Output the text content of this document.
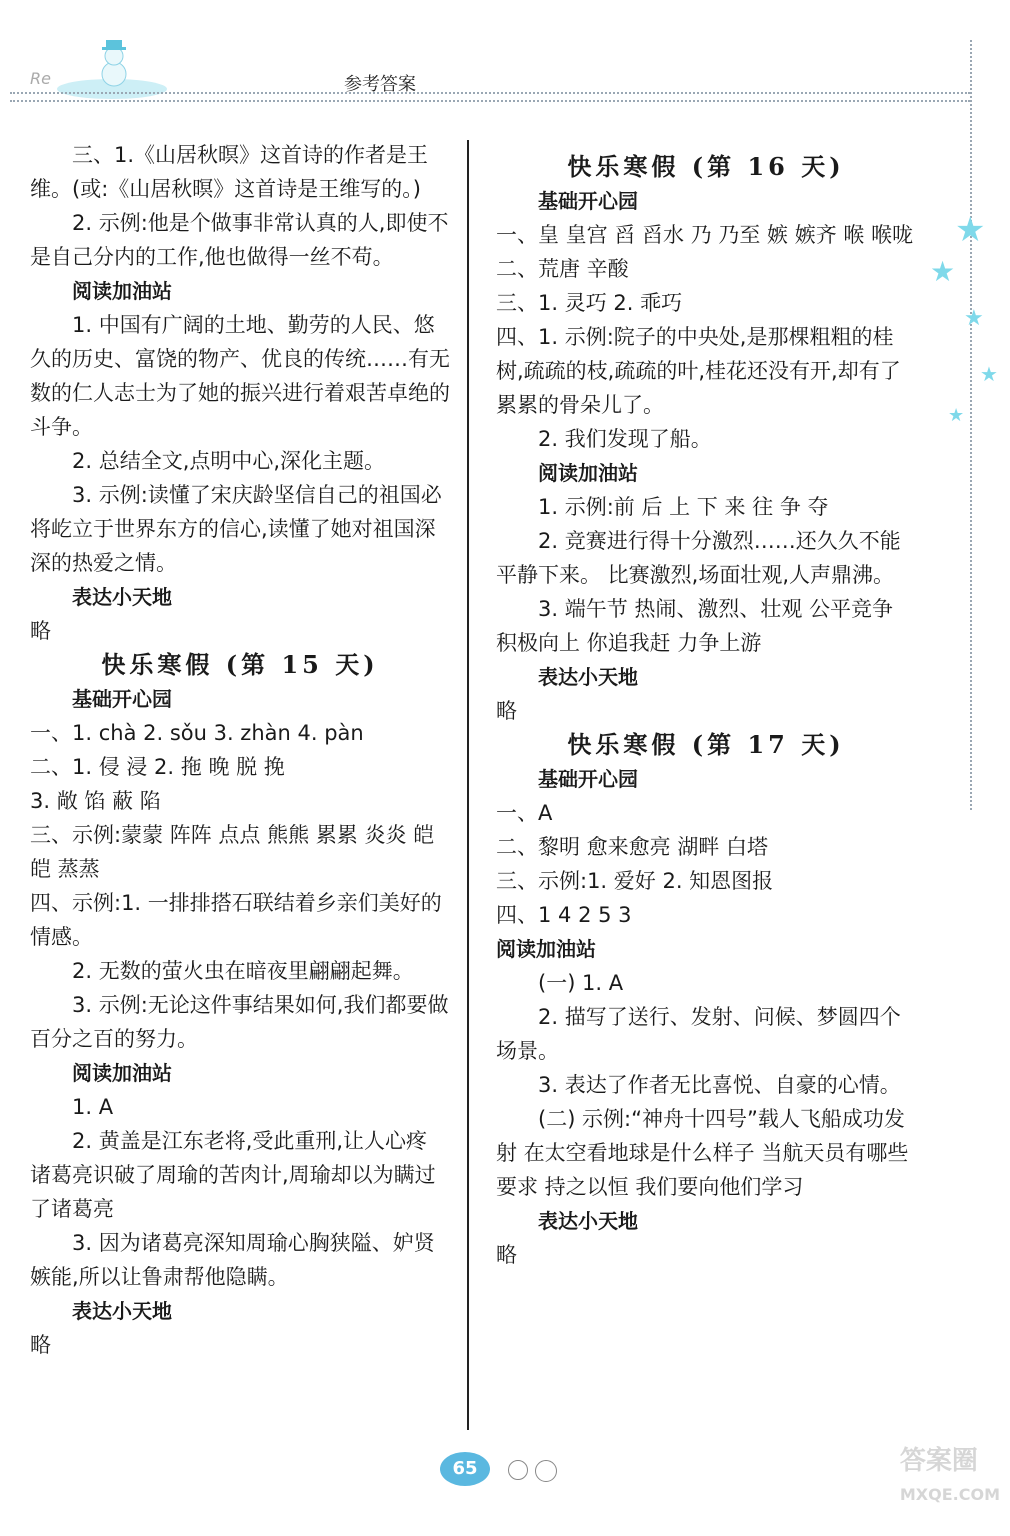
Re	参考答案
★
★
★
★
★

三、1.《山居秋暝》这首诗的作者是王维。(或:《山居秋暝》这首诗是王维写的。)

2. 示例:他是个做事非常认真的人,即使不是自己分内的工作,他也做得一丝不苟。

阅读加油站

1. 中国有广阔的土地、勤劳的人民、悠久的历史、富饶的物产、优良的传统……有无数的仁人志士为了她的振兴进行着艰苦卓绝的斗争。

2. 总结全文,点明中心,深化主题。

3. 示例:读懂了宋庆龄坚信自己的祖国必将屹立于世界东方的信心,读懂了她对祖国深深的热爱之情。

表达小天地

略

快乐寒假 (第 15 天)

基础开心园

一、1. chà 2. sǒu 3. zhàn 4. pàn

二、1. 侵 浸 2. 拖 晚 脱 挽

3. 敞 馅 蔽 陷

三、示例:蒙蒙 阵阵 点点 熊熊 累累 炎炎 皑皑 蒸蒸

四、示例:1. 一排排搭石联结着乡亲们美好的情感。

2. 无数的萤火虫在暗夜里翩翩起舞。

3. 示例:无论这件事结果如何,我们都要做百分之百的努力。

阅读加油站

1. A

2. 黄盖是江东老将,受此重刑,让人心疼 诸葛亮识破了周瑜的苦肉计,周瑜却以为瞒过了诸葛亮

3. 因为诸葛亮深知周瑜心胸狭隘、妒贤嫉能,所以让鲁肃帮他隐瞒。

表达小天地

略

快乐寒假 (第 16 天)

基础开心园

一、皇 皇宫 舀 舀水 乃 乃至 嫉 嫉齐 喉 喉咙

二、荒唐 辛酸

三、1. 灵巧 2. 乖巧

四、1. 示例:院子的中央处,是那棵粗粗的桂树,疏疏的枝,疏疏的叶,桂花还没有开,却有了累累的骨朵儿了。

2. 我们发现了船。

阅读加油站

1. 示例:前 后 上 下 来 往 争 夺

2. 竞赛进行得十分激烈……还久久不能平静下来。 比赛激烈,场面壮观,人声鼎沸。

3. 端午节 热闹、激烈、壮观 公平竞争 积极向上 你追我赶 力争上游

表达小天地

略

快乐寒假 (第 17 天)

基础开心园

一、A

二、黎明 愈来愈亮 湖畔 白塔

三、示例:1. 爱好 2. 知恩图报

四、1 4 2 5 3

阅读加油站

(一) 1. A

2. 描写了送行、发射、问候、梦圆四个场景。

3. 表达了作者无比喜悦、自豪的心情。

(二) 示例:“神舟十四号”载人飞船成功发射 在太空看地球是什么样子 当航天员有哪些要求 持之以恒 我们要向他们学习

表达小天地

略

65	答案圈
MXQE.COM
